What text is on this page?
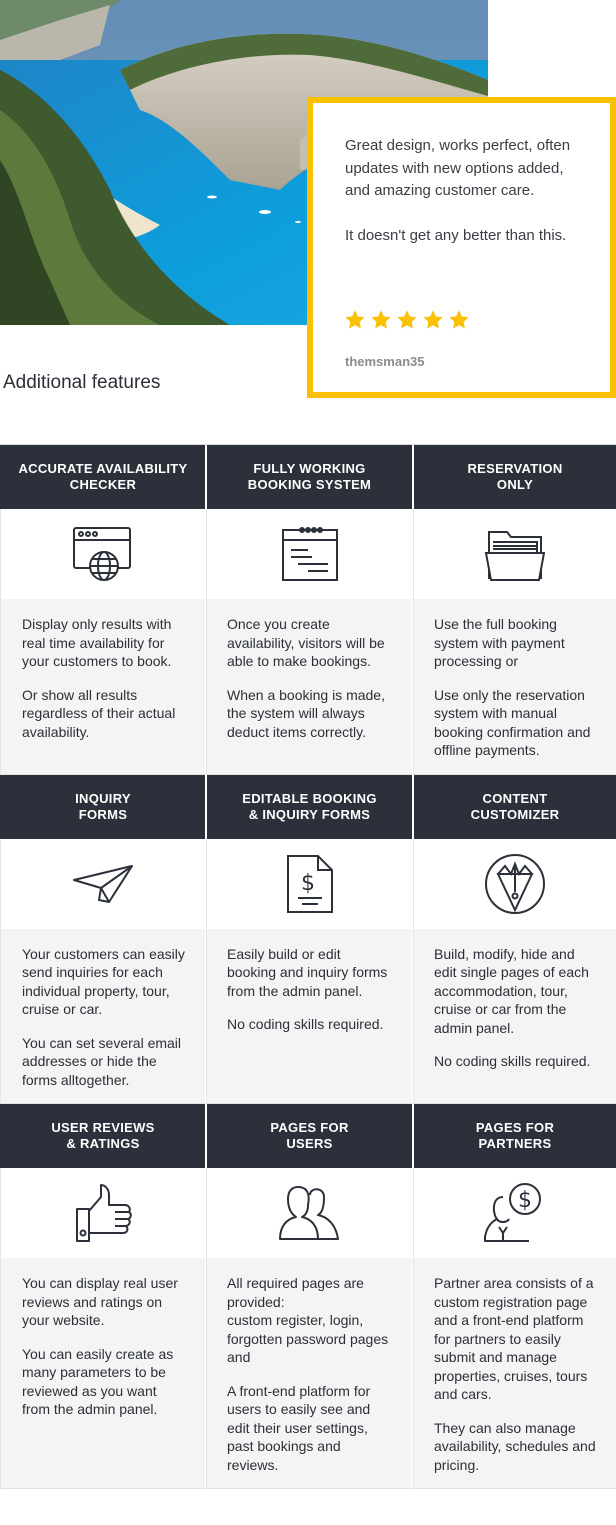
Great design, works perfect, often updates with new options added, and amazing customer care.

It doesn't get any better than this.

themsman35
Additional features
ACCURATE AVAILABILITY
CHECKER

Display only results with real time availability for your customers to book.

Or show all results regardless of their actual availability.

FULLY WORKING
BOOKING SYSTEM

Once you create availability, visitors will be able to make bookings.

When a booking is made, the system will always deduct items correctly.

RESERVATION
ONLY

Use the full booking system with payment processing or

Use only the reservation system with manual booking confirmation and offline payments.

INQUIRY
FORMS

Your customers can easily send inquiries for each individual property, tour, cruise or car.

You can set several email addresses or hide the forms alltogether.

EDITABLE BOOKING
& INQUIRY FORMS
$

Easily build or edit booking and inquiry forms from the admin panel.

No coding skills required.

CONTENT
CUSTOMIZER

Build, modify, hide and edit single pages of each accommodation, tour, cruise or car from the admin panel.

No coding skills required.

USER REVIEWS
& RATINGS

You can display real user reviews and ratings on your website.

You can easily create as many parameters to be reviewed as you want from the admin panel.

PAGES FOR
USERS

All required pages are provided:
custom register, login, forgotten password pages and

A front-end platform for users to easily see and edit their user settings, past bookings and reviews.

PAGES FOR
PARTNERS
$

Partner area consists of a custom registration page and a front-end platform for partners to easily submit and manage properties, cruises, tours and cars.

They can also manage availability, schedules and pricing.
